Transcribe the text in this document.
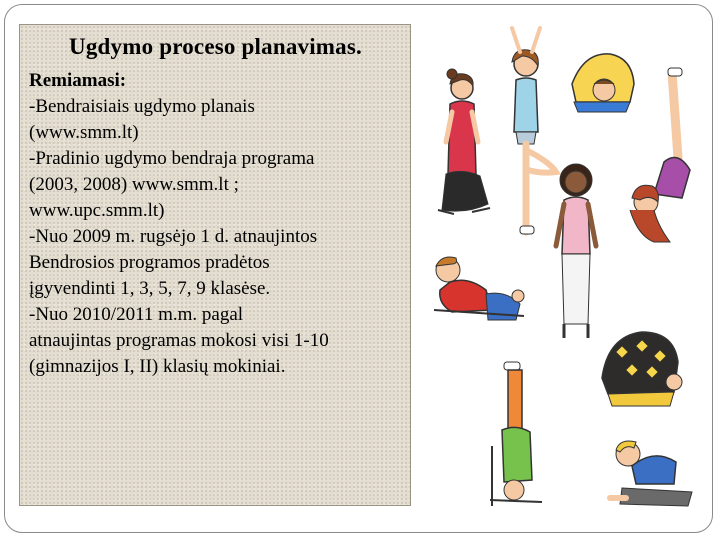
Ugdymo proceso planavimas.
Remiamasi:
-Bendraisiais ugdymo planais
(www.smm.lt)
-Pradinio ugdymo bendraja programa
(2003, 2008) www.smm.lt ;
www.upc.smm.lt)
-Nuo 2009 m. rugsėjo 1 d. atnaujintos
Bendrosios programos pradėtos
įgyvendinti 1, 3, 5, 7, 9 klasėse.
-Nuo 2010/2011 m.m. pagal
atnaujintas programas mokosi visi 1-10
(gimnazijos I, II) klasių mokiniai.
